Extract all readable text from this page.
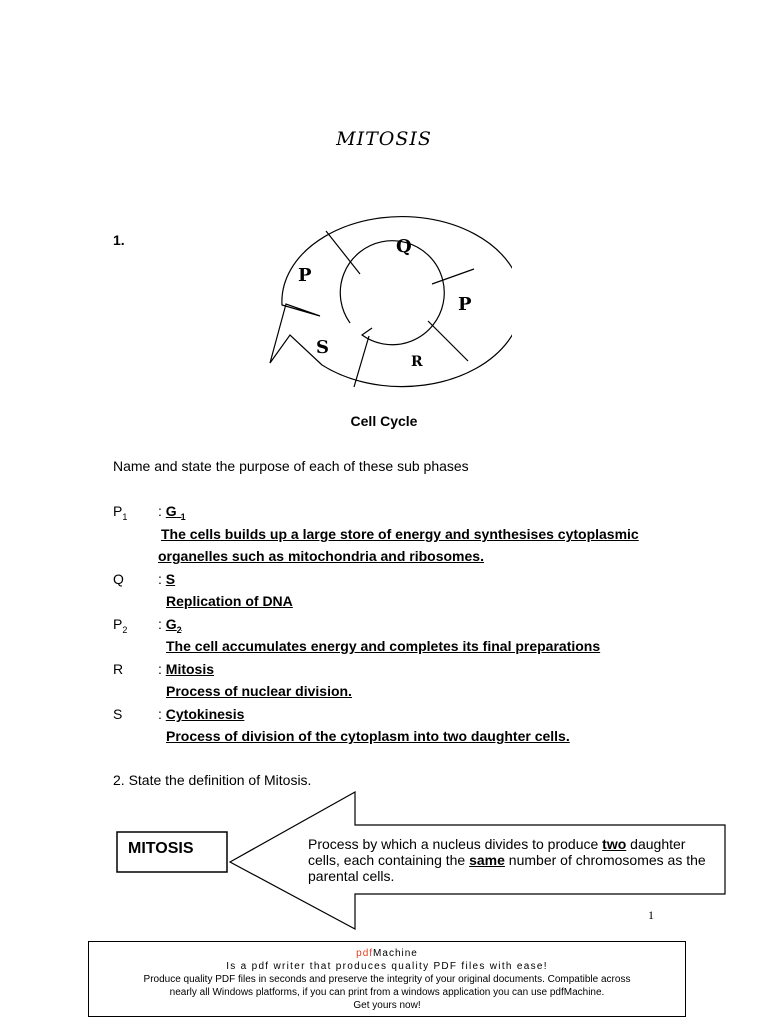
MITOSIS
1.
P
Q
P
R
S
Cell Cycle
Name and state the purpose of each of these sub phases
$P_1$ : G $_1$
The cells builds up a large store of energy and synthesises cytoplasmic
organelles such as mitochondria and ribosomes.
Q : S
Replication of DNA
$P_2$ : $G_2$
The cell accumulates energy and completes its final preparations
R : Mitosis
Process of nuclear division.
S	: Cytokinesis
Process of division of the cytoplasm into two daughter cells.
2. State the definition of Mitosis.
MITOSIS	Process by which a nucleus divides to produce two daughter cells, each containing the same number of chromosomes as the parental cells.
1
pdfMachine
Is a pdf writer that produces quality PDF files with ease!
Produce quality PDF files in seconds and preserve the integrity of your original documents. Compatible across
nearly all Windows platforms, if you can print from a windows application you can use pdfMachine.
Get yours now!
